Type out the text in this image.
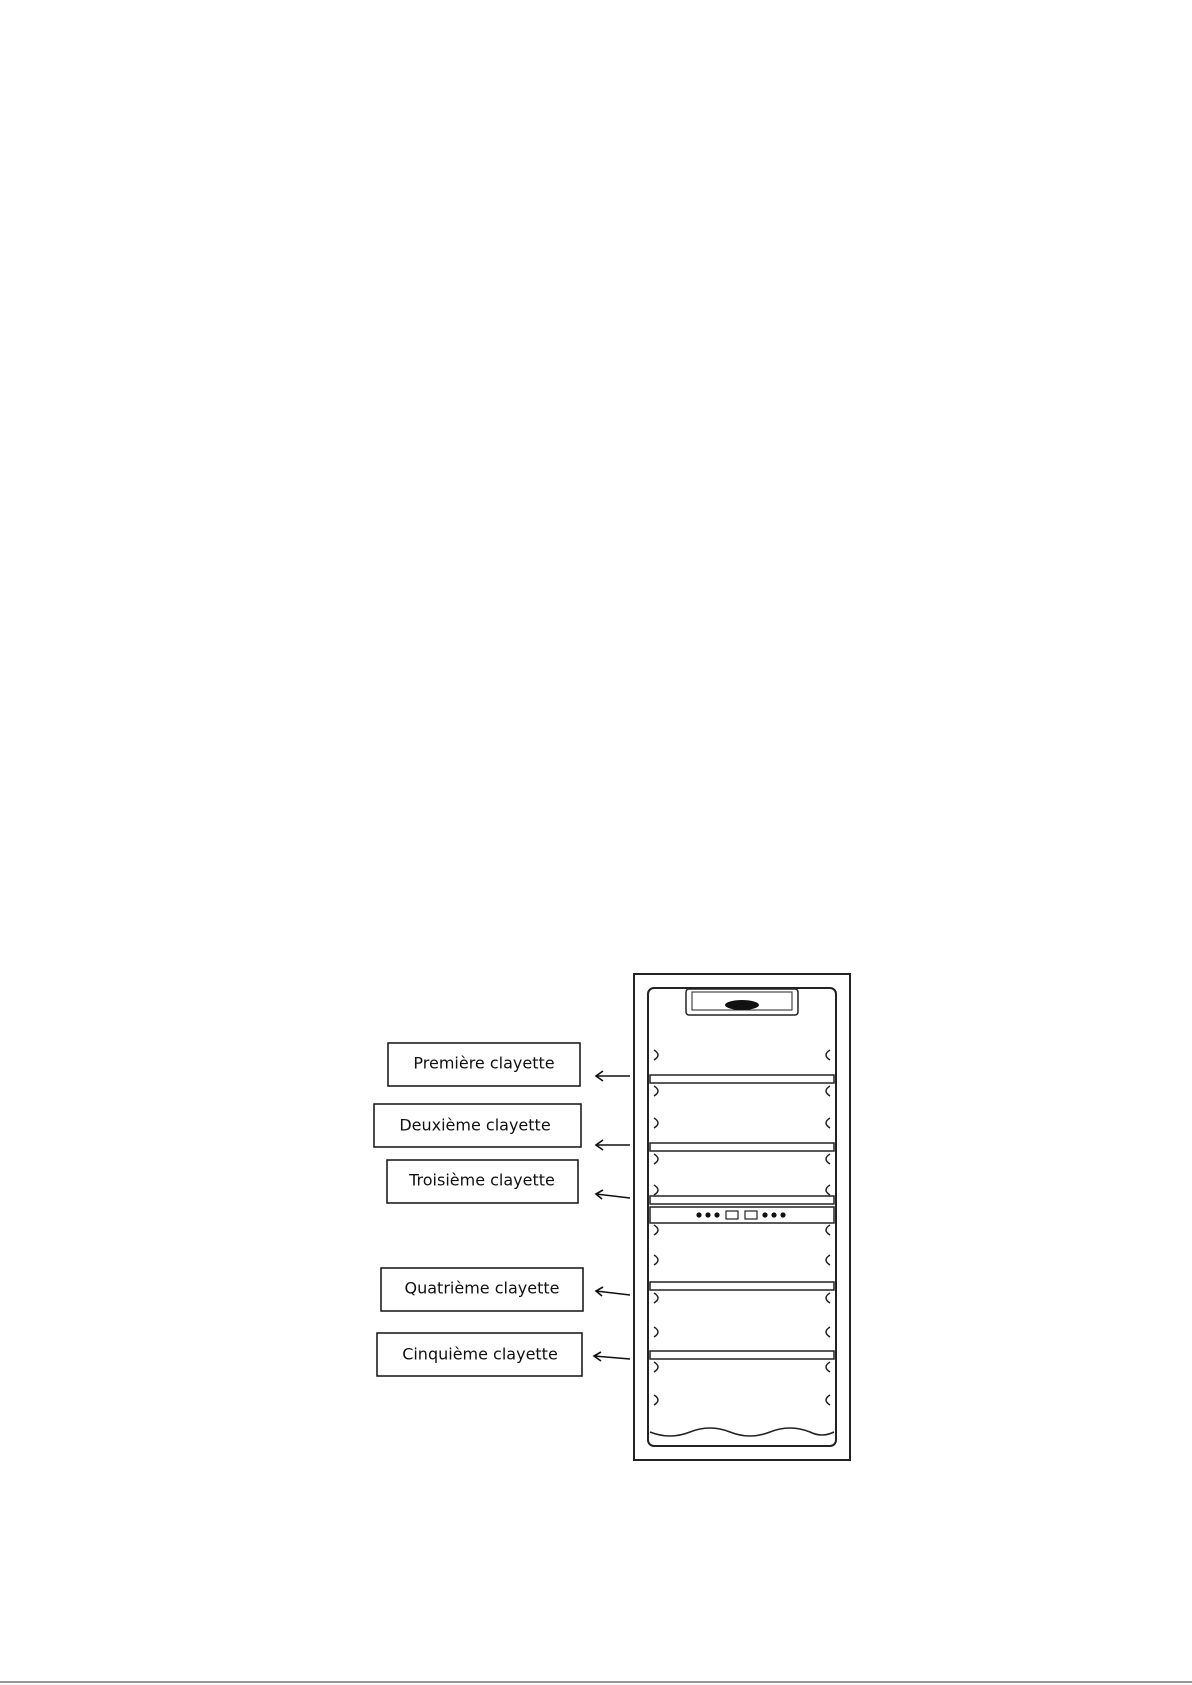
Première clayette
Deuxième clayette
Troisième clayette
Quatrième clayette
Cinquième clayette
